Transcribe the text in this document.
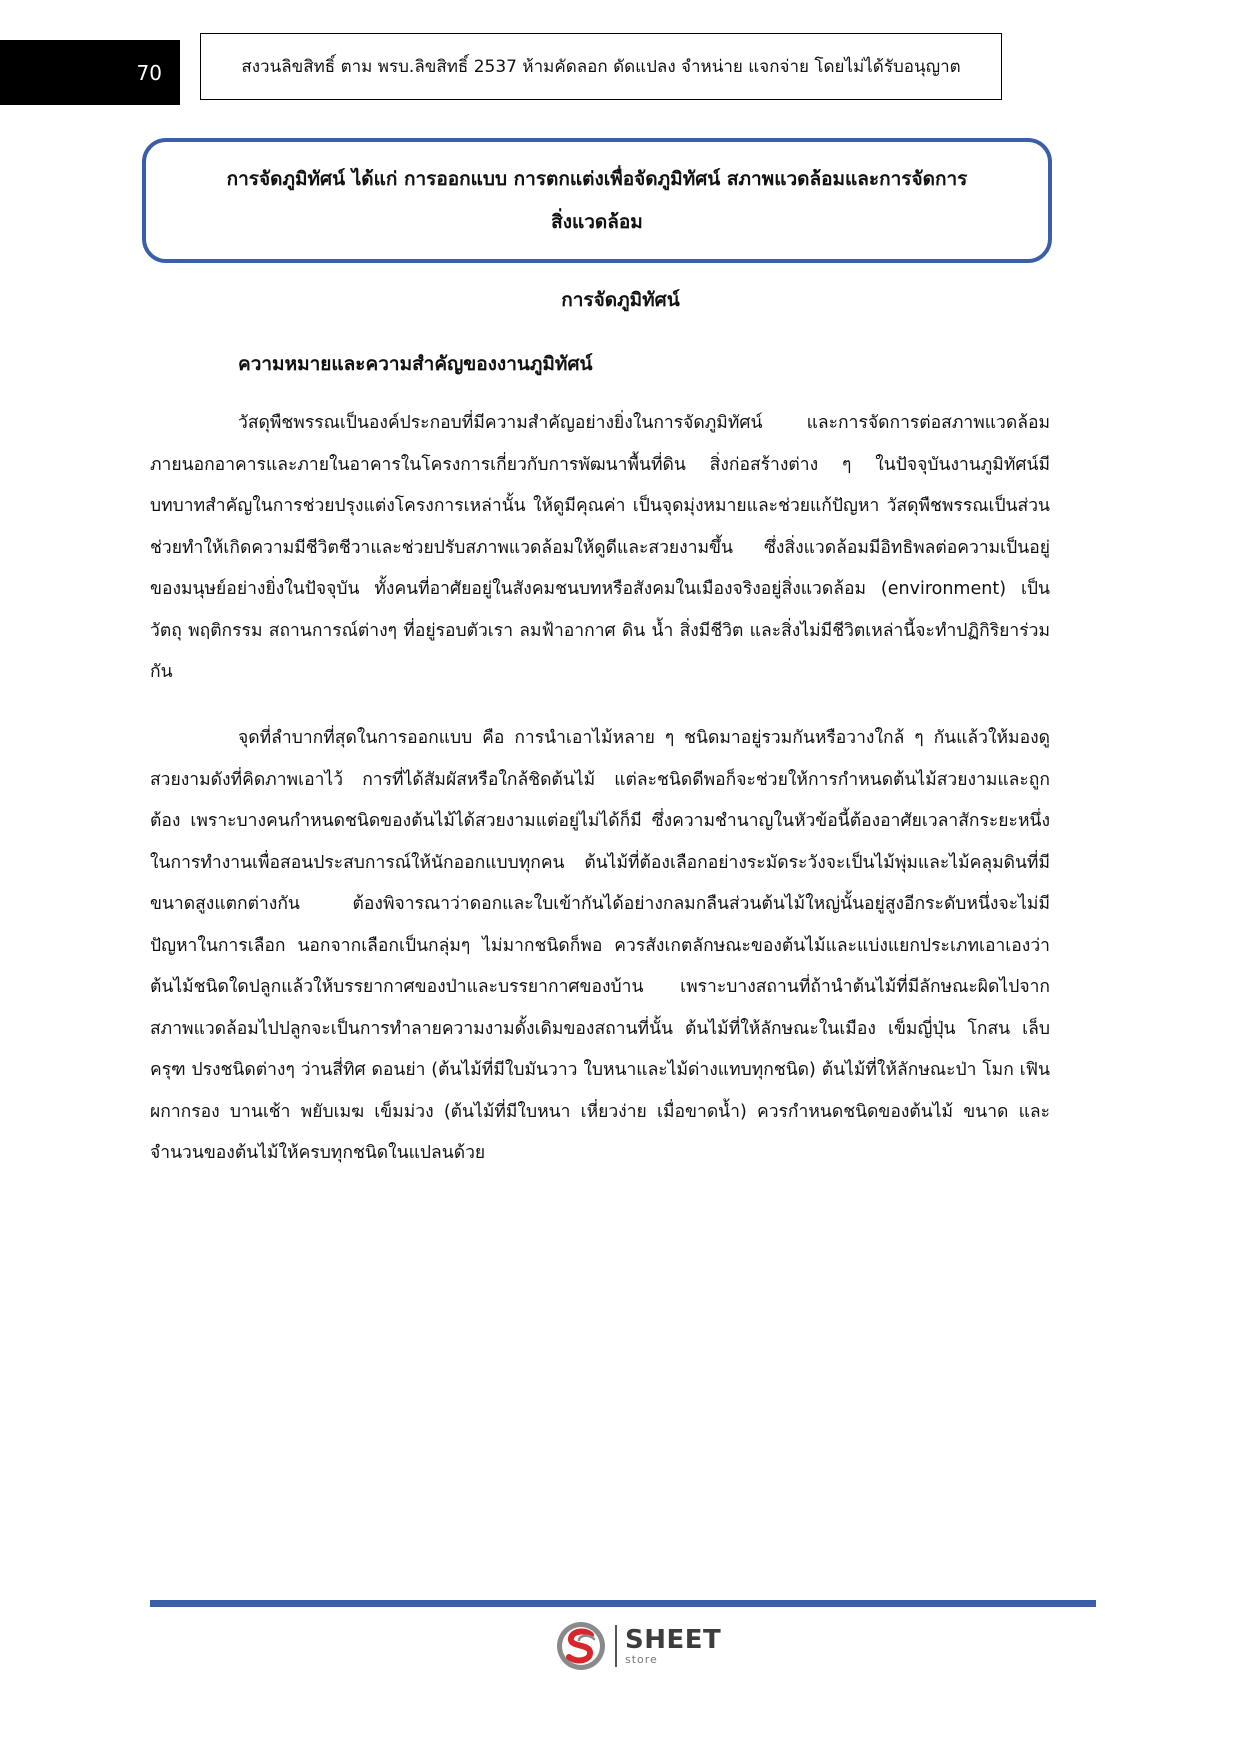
70	สงวนลิขสิทธิ์ ตาม พรบ.ลิขสิทธิ์ 2537 ห้ามคัดลอก ดัดแปลง จำหน่าย แจกจ่าย โดยไม่ได้รับอนุญาต
การจัดภูมิทัศน์ ได้แก่ การออกแบบ การตกแต่งเพื่อจัดภูมิทัศน์ สภาพแวดล้อมและการจัดการ
สิ่งแวดล้อม
การจัดภูมิทัศน์
ความหมายและความสำคัญของงานภูมิทัศน์

วัสดุพืชพรรณเป็นองค์ประกอบที่มีความสำคัญอย่างยิ่งในการจัดภูมิทัศน์ และการจัดการต่อสภาพแวดล้อมภายนอกอาคารและภายในอาคารในโครงการเกี่ยวกับการพัฒนาพื้นที่ดิน สิ่งก่อสร้างต่าง ๆ ในปัจจุบันงานภูมิทัศน์มีบทบาทสำคัญในการช่วยปรุงแต่งโครงการเหล่านั้น ให้ดูมีคุณค่า เป็นจุดมุ่งหมายและช่วยแก้ปัญหา วัสดุพืชพรรณเป็นส่วนช่วยทำให้เกิดความมีชีวิตชีวาและช่วยปรับสภาพแวดล้อมให้ดูดีและสวยงามขึ้น ซึ่งสิ่งแวดล้อมมีอิทธิพลต่อความเป็นอยู่ของมนุษย์อย่างยิ่งในปัจจุบัน ทั้งคนที่อาศัยอยู่ในสังคมชนบทหรือสังคมในเมืองจริงอยู่สิ่งแวดล้อม (environment) เป็นวัตถุ พฤติกรรม สถานการณ์ต่างๆ ที่อยู่รอบตัวเรา ลมฟ้าอากาศ ดิน น้ำ สิ่งมีชีวิต และสิ่งไม่มีชีวิตเหล่านี้จะทำปฏิกิริยาร่วมกัน

จุดที่ลำบากที่สุดในการออกแบบ คือ การนำเอาไม้หลาย ๆ ชนิดมาอยู่รวมกันหรือวางใกล้ ๆ กันแล้วให้มองดูสวยงามดังที่คิดภาพเอาไว้ การที่ได้สัมผัสหรือใกล้ชิดต้นไม้ แต่ละชนิดดีพอก็จะช่วยให้การกำหนดต้นไม้สวยงามและถูกต้อง เพราะบางคนกำหนดชนิดของต้นไม้ได้สวยงามแต่อยู่ไม่ได้ก็มี ซึ่งความชำนาญในหัวข้อนี้ต้องอาศัยเวลาสักระยะหนึ่งในการทำงานเพื่อสอนประสบการณ์ให้นักออกแบบทุกคน ต้นไม้ที่ต้องเลือกอย่างระมัดระวังจะเป็นไม้พุ่มและไม้คลุมดินที่มีขนาดสูงแตกต่างกัน ต้องพิจารณาว่าดอกและใบเข้ากันได้อย่างกลมกลืนส่วนต้นไม้ใหญ่นั้นอยู่สูงอีกระดับหนึ่งจะไม่มีปัญหาในการเลือก นอกจากเลือกเป็นกลุ่มๆ ไม่มากชนิดก็พอ ควรสังเกตลักษณะของต้นไม้และแบ่งแยกประเภทเอาเองว่าต้นไม้ชนิดใดปลูกแล้วให้บรรยากาศของป่าและบรรยากาศของบ้าน เพราะบางสถานที่ถ้านำต้นไม้ที่มีลักษณะผิดไปจากสภาพแวดล้อมไปปลูกจะเป็นการทำลายความงามดั้งเดิมของสถานที่นั้น ต้นไม้ที่ให้ลักษณะในเมือง เข็มญี่ปุ่น โกสน เล็บครุฑ ปรงชนิดต่างๆ ว่านสี่ทิศ ดอนย่า (ต้นไม้ที่มีใบมันวาว ใบหนาและไม้ด่างแทบทุกชนิด) ต้นไม้ที่ให้ลักษณะป่า โมก เฟิน ผกากรอง บานเช้า พยับเมฆ เข็มม่วง (ต้นไม้ที่มีใบหนา เหี่ยวง่าย เมื่อขาดน้ำ) ควรกำหนดชนิดของต้นไม้ ขนาด และจำนวนของต้นไม้ให้ครบทุกชนิดในแปลนด้วย

SHEET
store
